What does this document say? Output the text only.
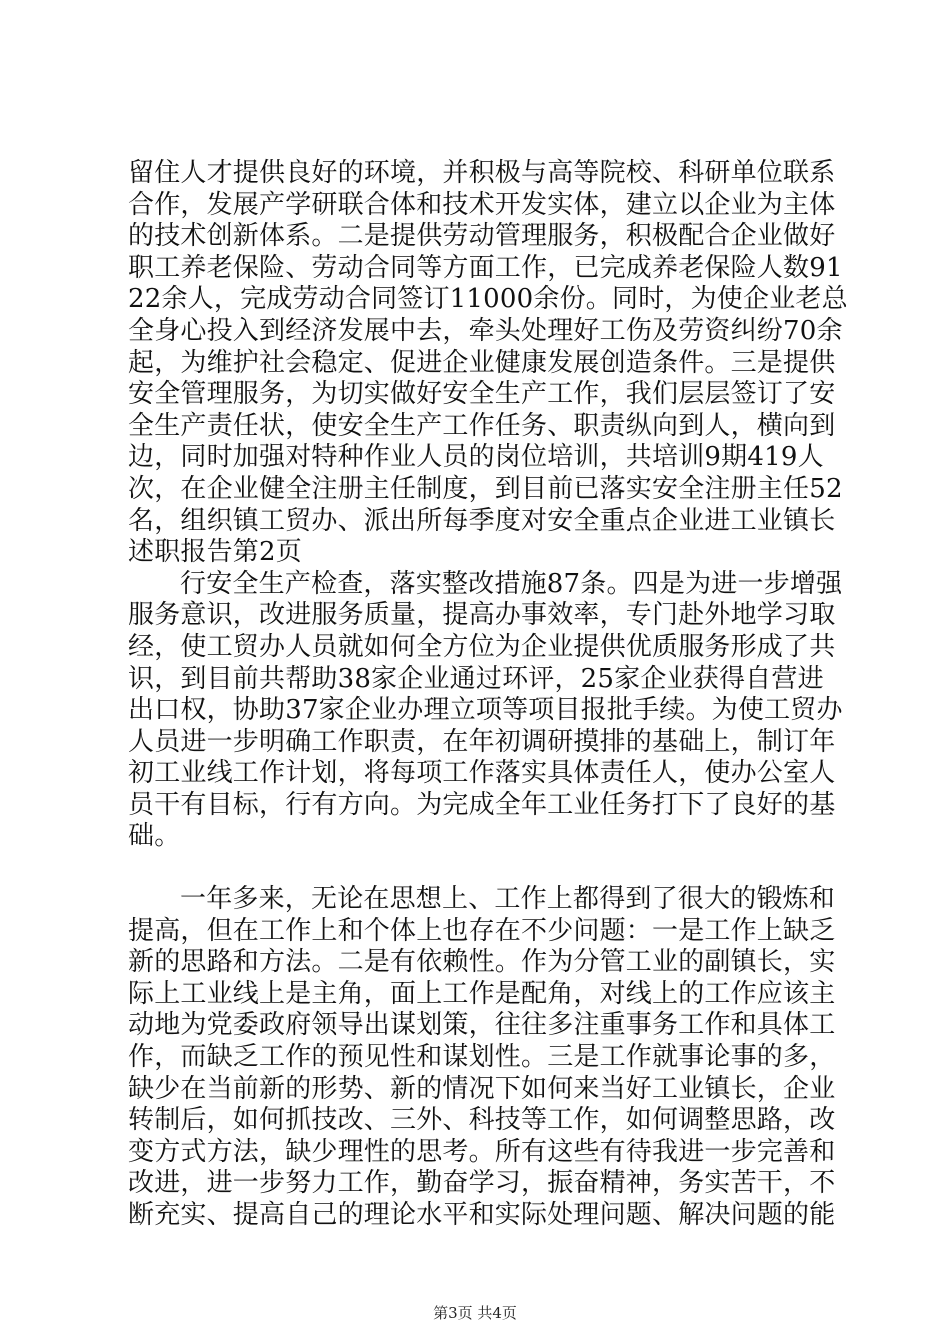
留住人才提供良好的环境，并积极与高等院校、科研单位联系合作，发展产学研联合体和技术开发实体，建立以企业为主体的技术创新体系。二是提供劳动管理服务，积极配合企业做好职工养老保险、劳动合同等方面工作，已完成养老保险人数9122余人，完成劳动合同签订11000余份。同时，为使企业老总全身心投入到经济发展中去，牵头处理好工伤及劳资纠纷70余起，为维护社会稳定、促进企业健康发展创造条件。三是提供安全管理服务，为切实做好安全生产工作，我们层层签订了安全生产责任状，使安全生产工作任务、职责纵向到人，横向到边，同时加强对特种作业人员的岗位培训，共培训9期419人次，在企业健全注册主任制度，到目前已落实安全注册主任52名，组织镇工贸办、派出所每季度对安全重点企业进工业镇长述职报告第2页

行安全生产检查，落实整改措施87条。四是为进一步增强服务意识，改进服务质量，提高办事效率，专门赴外地学习取经，使工贸办人员就如何全方位为企业提供优质服务形成了共识，到目前共帮助38家企业通过环评，25家企业获得自营进出口权，协助37家企业办理立项等项目报批手续。为使工贸办人员进一步明确工作职责，在年初调研摸排的基础上，制订年初工业线工作计划，将每项工作落实具体责任人，使办公室人员干有目标，行有方向。为完成全年工业任务打下了良好的基础。

一年多来，无论在思想上、工作上都得到了很大的锻炼和提高，但在工作上和个体上也存在不少问题：一是工作上缺乏新的思路和方法。二是有依赖性。作为分管工业的副镇长，实际上工业线上是主角，面上工作是配角，对线上的工作应该主动地为党委政府领导出谋划策，往往多注重事务工作和具体工作，而缺乏工作的预见性和谋划性。三是工作就事论事的多，缺少在当前新的形势、新的情况下如何来当好工业镇长，企业转制后，如何抓技改、三外、科技等工作，如何调整思路，改变方式方法，缺少理性的思考。所有这些有待我进一步完善和改进，进一步努力工作，勤奋学习，振奋精神，务实苦干，不断充实、提高自己的理论水平和实际处理问题、解决问题的能

第3页 共4页
